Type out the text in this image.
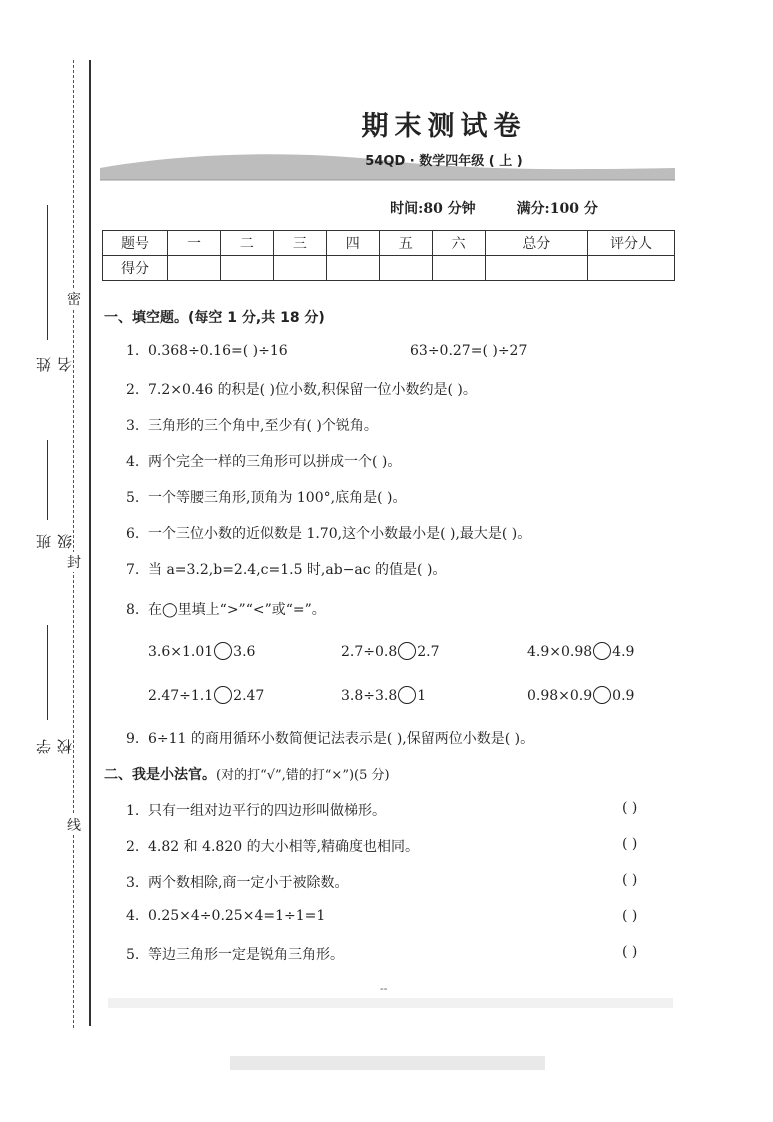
密
封
线
姓名
班级
学校
期末测试卷
54QD · 数学四年级 ( 上 )
时间:80 分钟	满分:100 分
题号	一	二	三	四	五	六	总分	评分人
得分								
一、填空题。(每空 1 分,共 18 分)
1. 0.368÷0.16=( )÷16	63÷0.27=( )÷27
2. 7.2×0.46 的积是( )位小数,积保留一位小数约是( )。
3. 三角形的三个角中,至少有( )个锐角。
4. 两个完全一样的三角形可以拼成一个( )。
5. 一个等腰三角形,顶角为 100°,底角是( )。
6. 一个三位小数的近似数是 1.70,这个小数最小是( ),最大是( )。
7. 当 a=3.2,b=2.4,c=1.5 时,ab−ac 的值是( )。
8. 在◯里填上“>”“<”或“=”。
3.6×1.01 3.6	2.7÷0.8 2.7	4.9×0.98 4.9
2.47÷1.1 2.47	3.8÷3.8 1	0.98×0.9 0.9
9. 6÷11 的商用循环小数简便记法表示是( ),保留两位小数是( )。
二、我是小法官。(对的打“√”,错的打“×”)(5 分)
1. 只有一组对边平行的四边形叫做梯形。	( )
2. 4.82 和 4.820 的大小相等,精确度也相同。	( )
3. 两个数相除,商一定小于被除数。	( )
4. 0.25×4÷0.25×4=1÷1=1	( )
5. 等边三角形一定是锐角三角形。	( )
--
